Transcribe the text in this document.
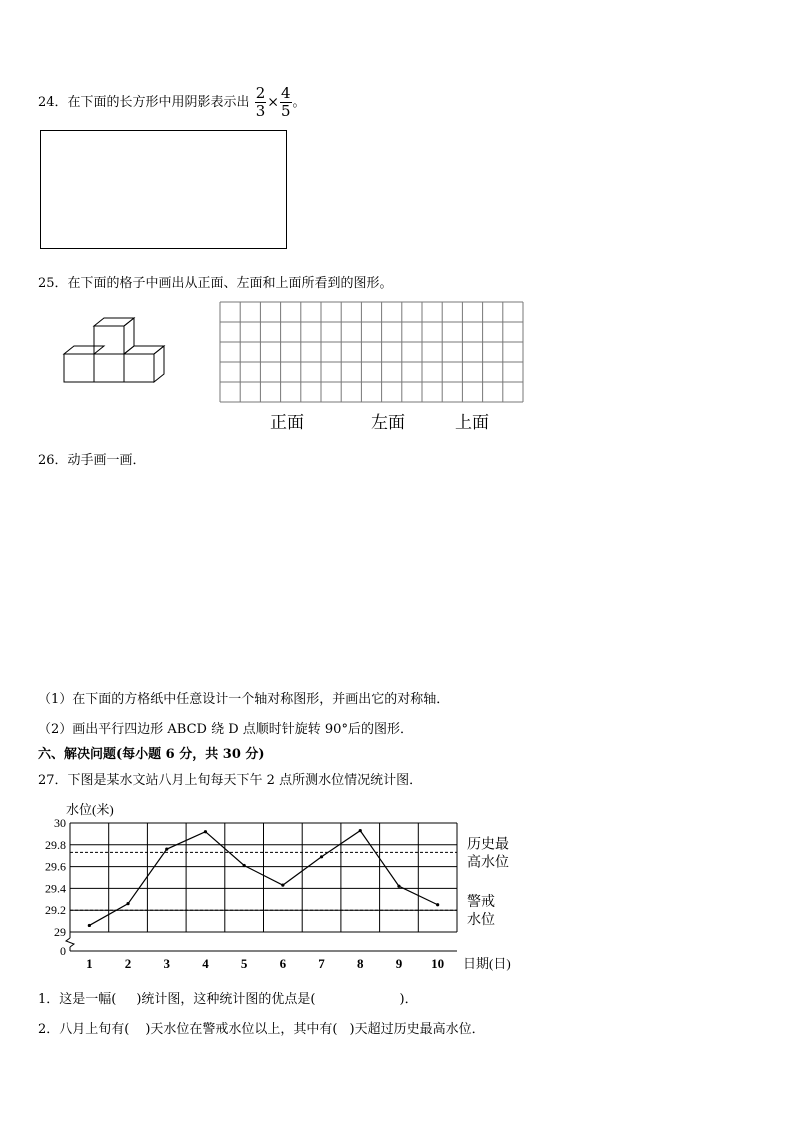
24．在下面的长方形中用阴影表示出 $\frac{2}{3} \times \frac{4}{5}$ 。
25．在下面的格子中画出从正面、左面和上面所看到的图形。
正面	左面	上面
26．动手画一画．
（1）在下面的方格纸中任意设计一个轴对称图形，并画出它的对称轴．
（2）画出平行四边形 ABCD 绕 D 点顺时针旋转 90°后的图形．
六、解决问题(每小题 6 分，共 30 分)
27．下图是某水文站八月上旬每天下午 2 点所测水位情况统计图．
水位(米)
0
29
29.2
29.4
29.6
29.8
30
1 2 3 4 5 6 7 8 9 10 日期(日)
历史最
高水位
警戒
水位
1．这是一幅( )统计图，这种统计图的优点是(	)．
2．八月上旬有( )天水位在警戒水位以上，其中有( )天超过历史最高水位．
